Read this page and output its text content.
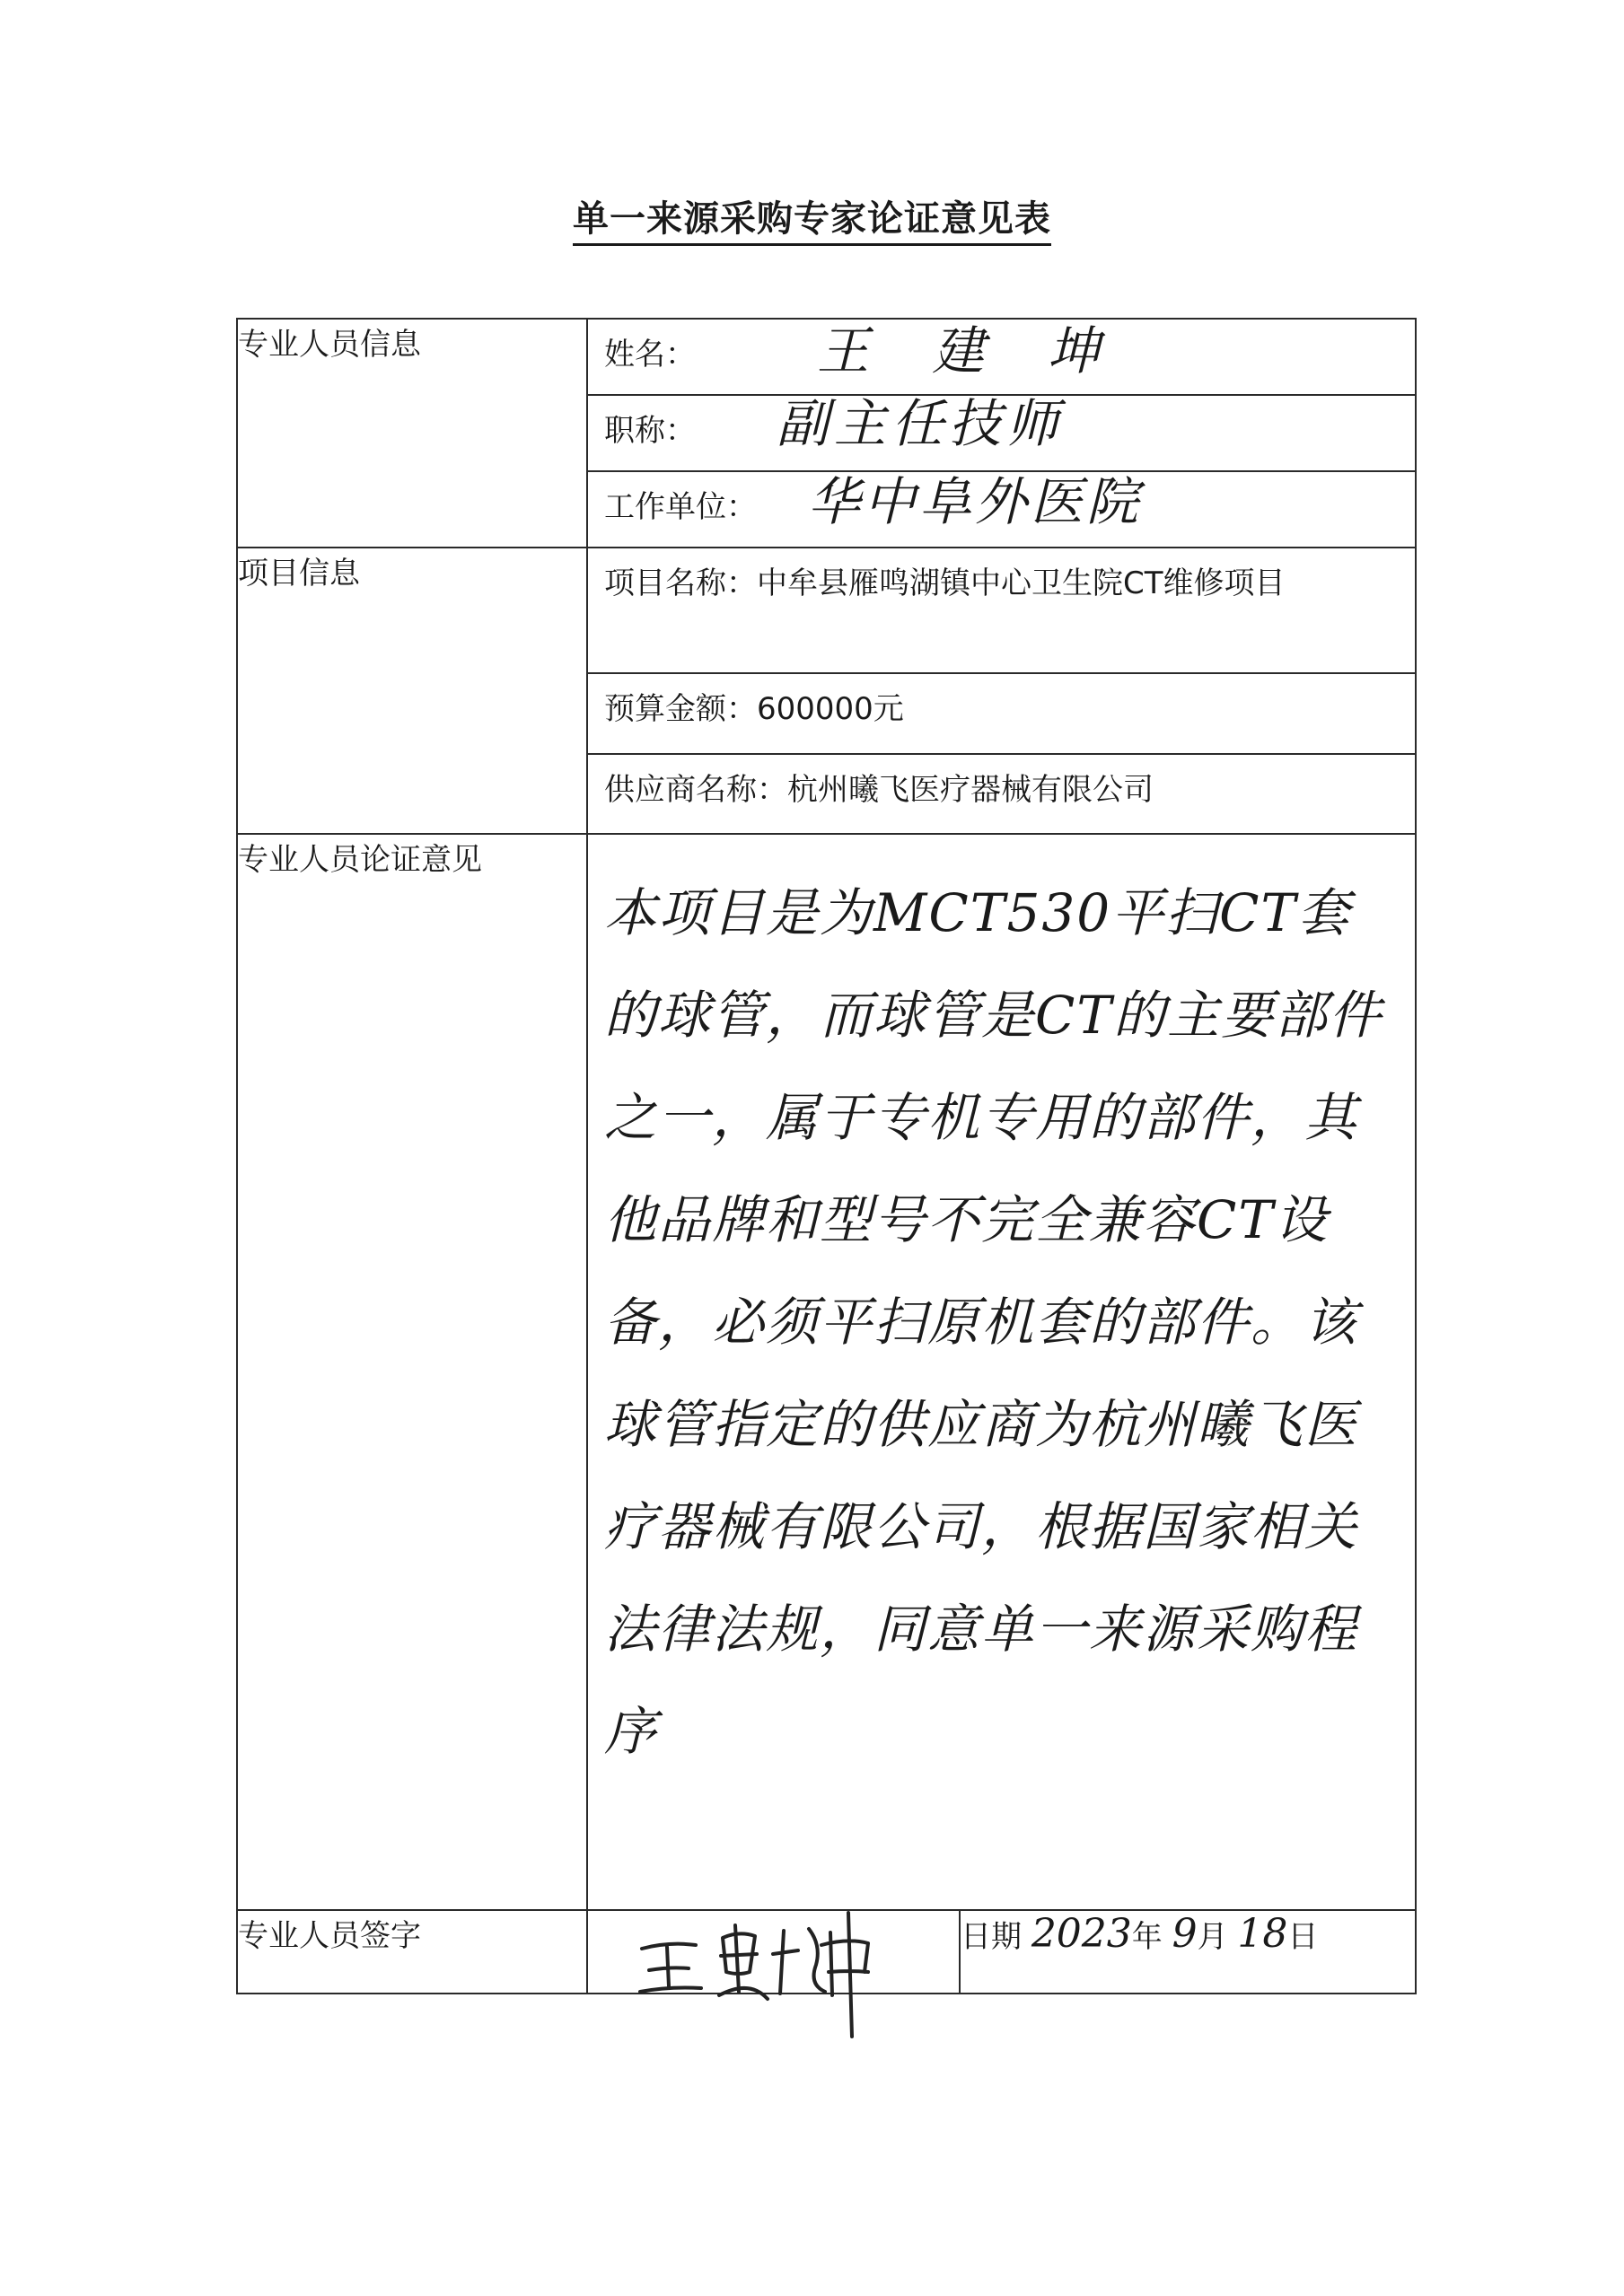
单一来源采购专家论证意见表
专业人员信息	姓名： 王 建 坤	

	职称： 副主任技师	

	工作单位： 华中阜外医院	

项目信息	项目名称：中牟县雁鸣湖镇中心卫生院CT维修项目	

	预算金额：600000元	

	供应商名称：杭州曦飞医疗器械有限公司	

专业人员论证意见	本项目是为MCT530平扫CT套的球管，而球管是CT的主要部件之一，属于专机专用的部件，其他品牌和型号不完全兼容CT设备，必须平扫原机套的部件。该球管指定的供应商为杭州曦飞医疗器械有限公司，根据国家相关法律法规，同意单一来源采购程序	

专业人员签字		日期 2023年 9月 18日
